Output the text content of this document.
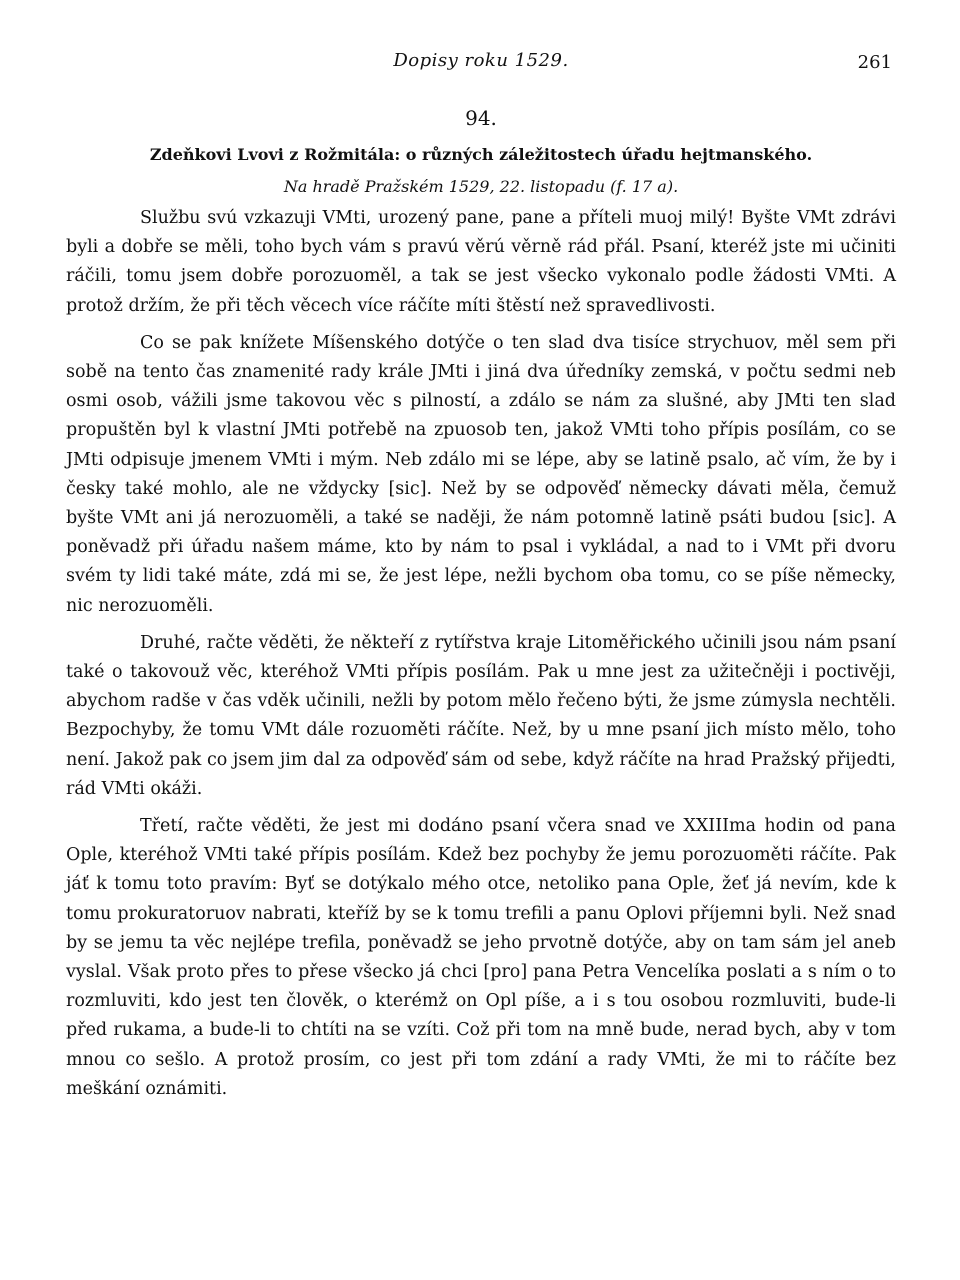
Dopisy roku 1529.	261
94.
Zdeňkovi Lvovi z Rožmitála: o různých záležitostech úřadu hejtmanského.
Na hradě Pražském 1529, 22. listopadu (f. 17 a).

Službu svú vzkazuji VMti, urozený pane, pane a příteli muoj milý! Byšte VMt zdrávi byli a dobře se měli, toho bych vám s pravú věrú věrně rád přál. Psaní, kteréž jste mi učiniti ráčili, tomu jsem dobře porozuoměl, a tak se jest všecko vykonalo podle žádosti VMti. A protož držím, že při těch věcech více ráčíte míti štěstí než spravedlivosti.

Co se pak knížete Míšenského dotýče o ten slad dva tisíce strychuov, měl sem při sobě na tento čas znamenité rady krále JMti i jiná dva úředníky zemská, v počtu sedmi neb osmi osob, vážili jsme takovou věc s pilností, a zdálo se nám za slušné, aby JMti ten slad propuštěn byl k vlastní JMti potřebě na zpuosob ten, jakož VMti toho přípis posílám, co se JMti odpisuje jmenem VMti i mým. Neb zdálo mi se lépe, aby se latině psalo, ač vím, že by i česky také mohlo, ale ne vždycky [sic]. Než by se odpověď německy dávati měla, čemuž byšte VMt ani já nerozuoměli, a také se naději, že nám potomně latině psáti budou [sic]. A poněvadž při úřadu našem máme, kto by nám to psal i vykládal, a nad to i VMt při dvoru svém ty lidi také máte, zdá mi se, že jest lépe, nežli bychom oba tomu, co se píše německy, nic nerozuoměli.

Druhé, račte věděti, že někteří z rytířstva kraje Litoměřického učinili jsou nám psaní také o takovouž věc, kteréhož VMti přípis posílám. Pak u mne jest za užitečněji i poctivěji, abychom radše v čas vděk učinili, nežli by potom mělo řečeno býti, že jsme zúmysla nechtěli. Bezpochyby, že tomu VMt dále rozuoměti ráčíte. Než, by u mne psaní jich místo mělo, toho není. Jakož pak co jsem jim dal za odpověď sám od sebe, když ráčíte na hrad Pražský přijedti, rád VMti okáži.

Třetí, račte věděti, že jest mi dodáno psaní včera snad ve XXIIIma hodin od pana Ople, kteréhož VMti také přípis posílám. Kdež bez pochyby že jemu porozuoměti ráčíte. Pak jáť k tomu toto pravím: Byť se dotýkalo mého otce, netoliko pana Ople, žeť já nevím, kde k tomu prokuratoruov nabrati, kteříž by se k tomu trefili a panu Oplovi příjemni byli. Než snad by se jemu ta věc nejlépe trefila, poněvadž se jeho prvotně dotýče, aby on tam sám jel aneb vyslal. Však proto přes to přese všecko já chci [pro] pana Petra Vencelíka poslati a s ním o to rozmluviti, kdo jest ten člověk, o kterémž on Opl píše, a i s tou osobou rozmluviti, bude-li před rukama, a bude-li to chtíti na se vzíti. Což při tom na mně bude, nerad bych, aby v tom mnou co sešlo. A protož prosím, co jest při tom zdání a rady VMti, že mi to ráčíte bez meškání oznámiti.
